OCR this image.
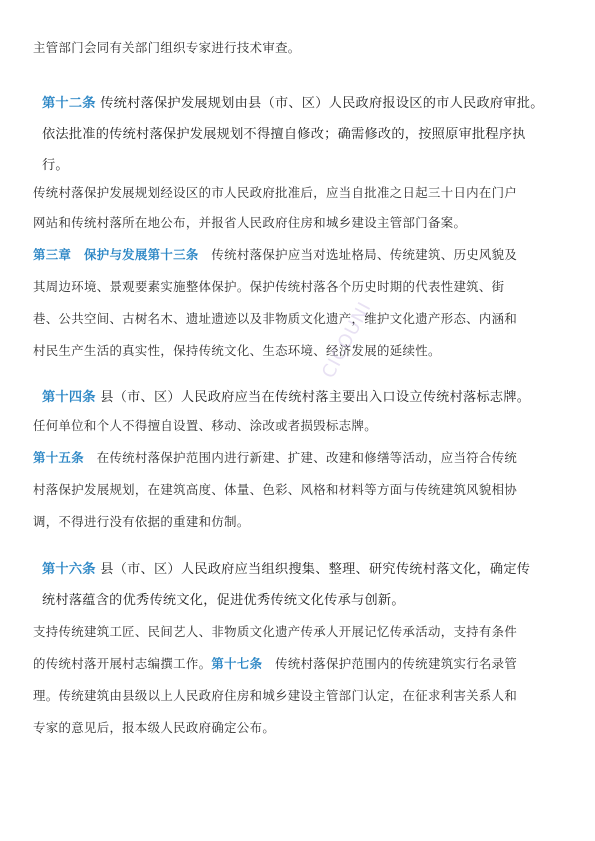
主管部门会同有关部门组织专家进行技术审查。
第十二条 传统村落保护发展规划由县（市、区）人民政府报设区的市人民政府审批。
依法批准的传统村落保护发展规划不得擅自修改；确需修改的，按照原审批程序执
行。
传统村落保护发展规划经设区的市人民政府批准后，应当自批准之日起三十日内在门户
网站和传统村落所在地公布，并报省人民政府住房和城乡建设主管部门备案。
第三章　保护与发展第十三条　传统村落保护应当对选址格局、传统建筑、历史风貌及
其周边环境、景观要素实施整体保护。保护传统村落各个历史时期的代表性建筑、街
巷、公共空间、古树名木、遗址遗迹以及非物质文化遗产，维护文化遗产形态、内涵和
村民生产生活的真实性，保持传统文化、生态环境、经济发展的延续性。
第十四条 县（市、区）人民政府应当在传统村落主要出入口设立传统村落标志牌。
任何单位和个人不得擅自设置、移动、涂改或者损毁标志牌。
第十五条　在传统村落保护范围内进行新建、扩建、改建和修缮等活动，应当符合传统
村落保护发展规划，在建筑高度、体量、色彩、风格和材料等方面与传统建筑风貌相协
调，不得进行没有依据的重建和仿制。
第十六条 县（市、区）人民政府应当组织搜集、整理、研究传统村落文化，确定传
统村落蕴含的优秀传统文化，促进优秀传统文化传承与创新。
支持传统建筑工匠、民间艺人、非物质文化遗产传承人开展记忆传承活动，支持有条件
的传统村落开展村志编撰工作。第十七条　传统村落保护范围内的传统建筑实行名录管
理。传统建筑由县级以上人民政府住房和城乡建设主管部门认定，在征求利害关系人和
专家的意见后，报本级人民政府确定公布。
CICOUNI
